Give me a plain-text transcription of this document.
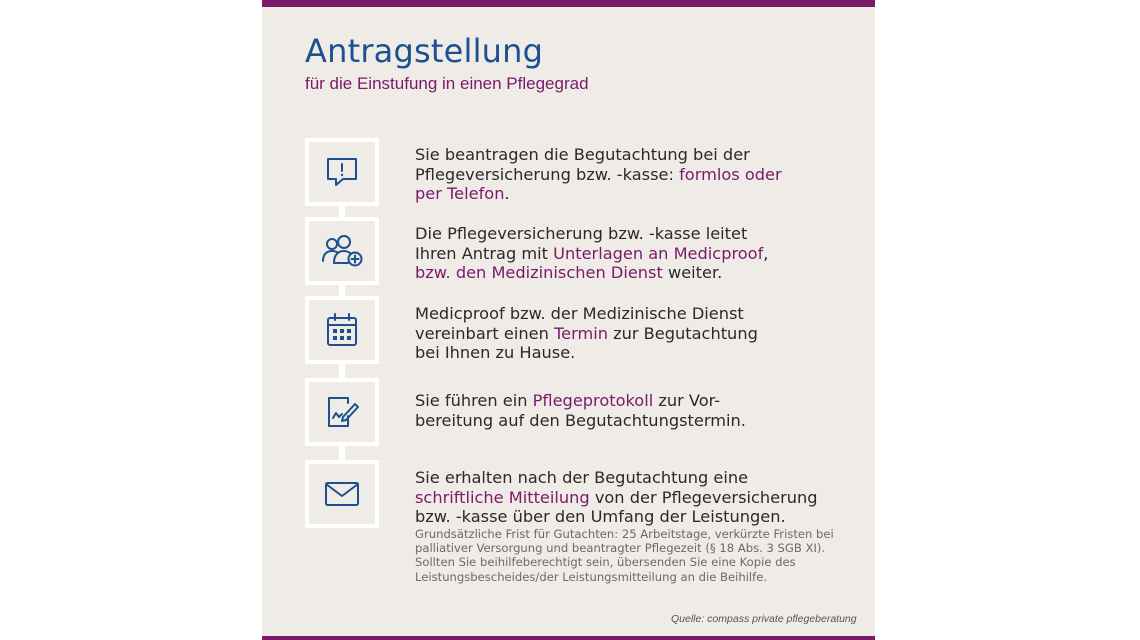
Antragstellung
für die Einstufung in einen Pflegegrad
Sie beantragen die Begutachtung bei der
Pflegeversicherung bzw. -kasse: formlos oder
per Telefon.
Die Pflegeversicherung bzw. -kasse leitet
Ihren Antrag mit Unterlagen an Medicproof,
bzw. den Medizinischen Dienst weiter.
Medicproof bzw. der Medizinische Dienst
vereinbart einen Termin zur Begutachtung
bei Ihnen zu Hause.
Sie führen ein Pflegeprotokoll zur Vor-
bereitung auf den Begutachtungstermin.
Sie erhalten nach der Begutachtung eine
schriftliche Mitteilung von der Pflegeversicherung
bzw. -kasse über den Umfang der Leistungen.
Grundsätzliche Frist für Gutachten: 25 Arbeitstage, verkürzte Fristen bei
palliativer Versorgung und beantragter Pflegezeit (§ 18 Abs. 3 SGB XI).
Sollten Sie beihilfeberechtigt sein, übersenden Sie eine Kopie des
Leistungsbescheides/der Leistungsmitteilung an die Beihilfe.
Quelle: compass private pflegeberatung
